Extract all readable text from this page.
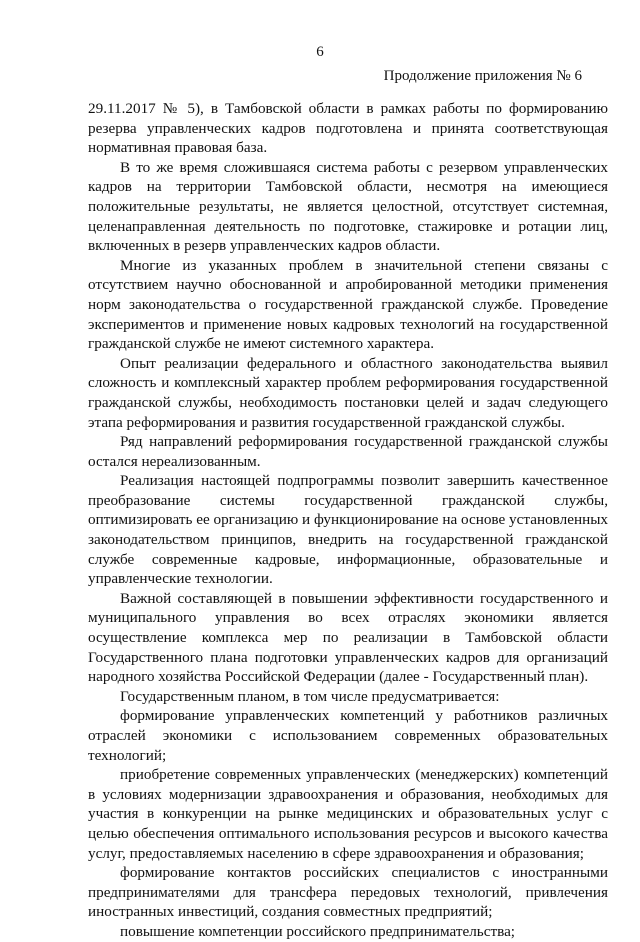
6
Продолжение приложения № 6

29.11.2017 № 5), в Тамбовской области в рамках работы по формированию резерва управленческих кадров подготовлена и принята соответствующая нормативная правовая база.

В то же время сложившаяся система работы с резервом управленческих кадров на территории Тамбовской области, несмотря на имеющиеся положительные результаты, не является целостной, отсутствует системная, целенаправленная деятельность по подготовке, стажировке и ротации лиц, включенных в резерв управленческих кадров области.

Многие из указанных проблем в значительной степени связаны с отсутствием научно обоснованной и апробированной методики применения норм законодательства о государственной гражданской службе. Проведение экспериментов и применение новых кадровых технологий на государственной гражданской службе не имеют системного характера.

Опыт реализации федерального и областного законодательства выявил сложность и комплексный характер проблем реформирования государственной гражданской службы, необходимость постановки целей и задач следующего этапа реформирования и развития государственной гражданской службы.

Ряд направлений реформирования государственной гражданской службы остался нереализованным.

Реализация настоящей подпрограммы позволит завершить качественное преобразование системы государственной гражданской службы, оптимизировать ее организацию и функционирование на основе установленных законодательством принципов, внедрить на государственной гражданской службе современные кадровые, информационные, образовательные и управленческие технологии.

Важной составляющей в повышении эффективности государственного и муниципального управления во всех отраслях экономики является осуществление комплекса мер по реализации в Тамбовской области Государственного плана подготовки управленческих кадров для организаций народного хозяйства Российской Федерации (далее - Государственный план).

Государственным планом, в том числе предусматривается:

формирование управленческих компетенций у работников различных отраслей экономики с использованием современных образовательных технологий;

приобретение современных управленческих (менеджерских) компетенций в условиях модернизации здравоохранения и образования, необходимых для участия в конкуренции на рынке медицинских и образовательных услуг с целью обеспечения оптимального использования ресурсов и высокого качества услуг, предоставляемых населению в сфере здравоохранения и образования;

формирование контактов российских специалистов с иностранными предпринимателями для трансфера передовых технологий, привлечения иностранных инвестиций, создания совместных предприятий;

повышение компетенции российского предпринимательства;
